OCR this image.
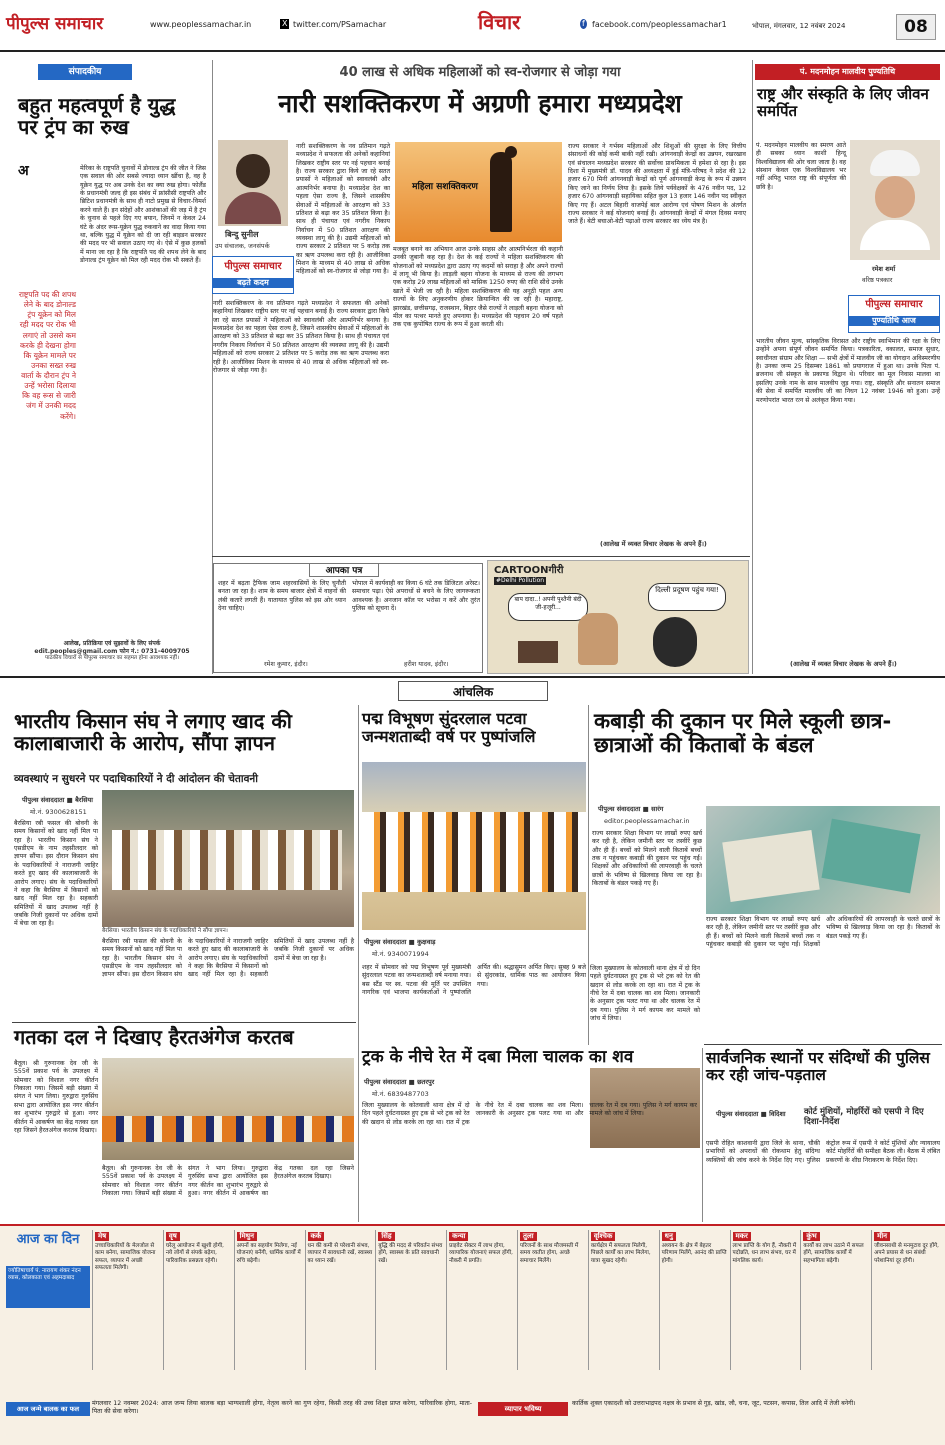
पीपुल्स समाचार	www.peoplessamachar.in	X twitter.com/PSamachar	विचार	f facebook.com/peoplessamachar1	भोपाल, मंगलवार, 12 नवंबर 2024	08
संपादकीय
बहुत महत्वपूर्ण है युद्ध पर ट्रंप का रुख
अ	मेरिका के राष्ट्रपति चुनावों में डोनाल्ड ट्रंप की जीत ने जिस एक सवाल की ओर सबसे ज्यादा ध्यान खींचा है, वह है यूक्रेन युद्ध पर अब उनके देश का क्या रुख होगा। फोलैंड के प्रधानमंत्री जल्द ही इस संबंध में फ्रांसीसी राष्ट्रपति और ब्रिटिश प्रधानमंत्री के साथ ही नाटो प्रमुख से विचार-विमर्श करने वाले हैं। इन संदेहों और आशंकाओं की जड़ में है ट्रंप के चुनाव से पहले दिए गए बयान, जिनमें न केवल 24 घंटे के अंदर रूस-यूक्रेन युद्ध रुकवाने का वादा किया गया था, बल्कि युद्ध में यूक्रेन को दी जा रही बाइडन सरकार की मदद पर भी सवाल उठाए गए थे। ऐसे में कुछ हलकों में माना जा रहा है कि राष्ट्रपति पद की शपथ लेने के बाद डोनाल्ड ट्रंप यूक्रेन को मिल रही मदद रोक भी सकते हैं।
राष्ट्रपति पद की शपथ लेने के बाद डोनाल्ड ट्रंप यूक्रेन को मिल रही मदद पर रोक भी लगाएं तो उससे कम करके ही देखना होगा कि यूक्रेन मामले पर उनका सख्त रुख वार्ता के दौरान ट्रंप ने उन्हें भरोसा दिलाया कि वह रूस से जारी जंग में उनकी मदद करेंगे।
आलेख, प्रतिक्रिया एवं सुझावों के लिए संपर्क
edit.peoples@gmail.com फोन नं.: 0731-4009705
पाठकीय विचारों से पीपुल्स समाचार का सहमत होना आवश्यक नहीं।
40 लाख से अधिक महिलाओं को स्व-रोजगार से जोड़ा गया
नारी सशक्तिकरण में अग्रणी हमारा मध्यप्रदेश
बिन्दु सुनील
उप संचालक, जनसंपर्क
पीपुल्स समाचार
बढ़ते कदम
नारी सशक्तिकरण के नव प्रतिमान गढ़ते मध्यप्रदेश ने सफलता की अनेकों कहानियां लिखकर राष्ट्रीय स्तर पर नई पहचान बनाई है। राज्य सरकार द्वारा किये जा रहे सतत प्रयासों ने महिलाओं को स्वावलंबी और आत्मनिर्भर बनाया है। मध्यप्रदेश देश का पहला ऐसा राज्य है, जिसने शासकीय सेवाओं में महिलाओं के आरक्षण को 33 प्रतिशत से बढ़ा कर 35 प्रतिशत किया है। साथ ही पंचायत एवं नगरीय निकाय निर्वाचन में 50 प्रतिशत आरक्षण की व्यवस्था लागू की है। उद्यमी महिलाओं को राज्य सरकार 2 प्रतिशत पर 5 करोड़ तक का ऋण उपलब्ध करा रही है। आजीविका मिशन के माध्यम से 40 लाख से अधिक महिलाओं को स्व-रोजगार से जोड़ा गया है।
नारी सशक्तिकरण के नव प्रतिमान गढ़ते मध्यप्रदेश ने सफलता की अनेकों कहानियां लिखकर राष्ट्रीय स्तर पर नई पहचान बनाई है। राज्य सरकार द्वारा किये जा रहे सतत प्रयासों ने महिलाओं को स्वावलंबी और आत्मनिर्भर बनाया है। मध्यप्रदेश देश का पहला ऐसा राज्य है, जिसने शासकीय सेवाओं में महिलाओं के आरक्षण को 33 प्रतिशत से बढ़ा कर 35 प्रतिशत किया है। साथ ही पंचायत एवं नगरीय निकाय निर्वाचन में 50 प्रतिशत आरक्षण की व्यवस्था लागू की है। उद्यमी महिलाओं को राज्य सरकार 2 प्रतिशत पर 5 करोड़ तक का ऋण उपलब्ध करा रही है। आजीविका मिशन के माध्यम से 40 लाख से अधिक महिलाओं को स्व-रोजगार से जोड़ा गया है।
महिला सशक्तिकरण
मजबूत बनाने का अभियान आज उनके साहस और आत्मनिर्भरता की कहानी उनकी जुबानी कह रहा है। देश के कई राज्यों ने महिला सशक्तिकरण की योजनाओं को मध्यप्रदेश द्वारा उठाए गए कदमों को सराहा है और अपने राज्यों में लागू भी किया है। लाड़ली बहना योजना के माध्यम से राज्य की लगभग एक करोड़ 29 लाख महिलाओं को मासिक 1250 रुपए की राशि सीधे उनके खाते में भेजी जा रही है। महिला सशक्तिकरण की यह अनूठी पहल अन्य राज्यों के लिए अनुकरणीय होकर क्रियान्वित की जा रही है। महाराष्ट्र, झारखंड, छत्तीसगढ़, राजस्थान, बिहार जैसे राज्यों ने लाड़ली बहना योजना को मील का पत्थर मानते हुए अपनाया है। मध्यप्रदेश की पहचान 20 वर्ष पहले तक एक कुपोषित राज्य के रूप में हुआ करती थी।
राज्य सरकार ने गर्भस्थ महिलाओं और शिशुओं की सुरक्षा के लिए वित्तीय संसाधनों की कोई कमी बाकी नहीं रखी। आंगनवाड़ी केन्द्रों का उन्नयन, रखरखाव एवं संचालन मध्यप्रदेश सरकार की सर्वोच्च प्राथमिकता में हमेशा से रहा है। इस दिशा में मुख्यमंत्री डॉ. यादव की अध्यक्षता में हुई मंत्रि-परिषद ने प्रदेश की 12 हजार 670 मिनी आंगनवाड़ी केन्द्रों को पूर्ण आंगनवाड़ी केन्द्र के रूप में उन्नयन किए जाने का निर्णय लिया है। इसके लिये पर्यवेक्षकों के 476 नवीन पद, 12 हजार 670 आंगनवाड़ी सहायिका सहित कुल 13 हजार 146 नवीन पद स्वीकृत किए गए हैं। अटल बिहारी वाजपेई बाल आरोग्य एवं पोषण मिशन के अंतर्गत राज्य सरकार ने कई योजनाएं बनाई हैं। आंगनवाड़ी केन्द्रों में मंगल दिवस मनाए जाते हैं। बेटी बचाओ-बेटी पढ़ाओ राज्य सरकार का ध्येय मंत्र है।
(आलेख में व्यक्त विचार लेखक के अपने हैं।)
आपका पत्र
शहर में बढ़ता ट्रैफिक जाम शहरवासियों के लिए चुनौती बनता जा रहा है। शाम के समय बाजार क्षेत्रों में वाहनों की लंबी कतारें लगती हैं। यातायात पुलिस को इस ओर ध्यान देना चाहिए।
रमेश कुमार, इंदौर।
भोपाल में कार्यवाही का किया 6 घंटे तक डिजिटल अरेस्ट। समाचार पढ़ा। ऐसे अपराधों से बचने के लिए जागरूकता आवश्यक है। अनजान कॉल पर भरोसा न करें और तुरंत पुलिस को सूचना दें।
हरीश यादव, इंदौर।
CARTOONगीरी
#Delhi Pollution
बाप दादा..! अपनी पुश्तैनी बंदी जी-हजूरी...
दिल्ली प्रदूषण पहुंच गया!
पं. मदनमोहन मालवीय पुण्यतिथि
राष्ट्र और संस्कृति के लिए जीवन समर्पित
पं. मदनमोहन मालवीय का स्मरण आते ही सबका ध्यान काशी हिन्दू विश्वविद्यालय की ओर चला जाता है। वह संस्थान केवल एक विश्वविद्यालय भर नहीं अपितु भारत राष्ट्र की संपूर्णता की छवि है।
रमेश शर्मा
वरिष्ठ पत्रकार
पीपुल्स समाचार
पुण्यतिथि आज
भारतीय जीवन मूल्य, सांस्कृतिक विरासत और राष्ट्रीय स्वाभिमान की रक्षा के लिए उन्होंने अपना संपूर्ण जीवन समर्पित किया। पत्रकारिता, वकालत, समाज सुधार, स्वाधीनता संग्राम और शिक्षा — सभी क्षेत्रों में मालवीय जी का योगदान अविस्मरणीय है। उनका जन्म 25 दिसम्बर 1861 को प्रयागराज में हुआ था। उनके पिता पं. ब्रजनाथ जी संस्कृत के प्रकाण्ड विद्वान थे। परिवार का मूल निवास मालवा था इसलिए उनके नाम के साथ मालवीय जुड़ गया। राष्ट्र, संस्कृति और सनातन समाज की सेवा में समर्पित मालवीय जी का निधन 12 नवंबर 1946 को हुआ। उन्हें मरणोपरांत भारत रत्न से अलंकृत किया गया।
(आलेख में व्यक्त विचार लेखक के अपने हैं।)
आंचलिक
भारतीय किसान संघ ने लगाए खाद की कालाबाजारी के आरोप, सौंपा ज्ञापन
व्यवस्थाएं न सुधरने पर पदाधिकारियों ने दी आंदोलन की चेतावनी
पीपुल्स संवाददाता ■ बैरसिया
मो.नं. 9300628151
बैरसिया। भारतीय किसान संघ के पदाधिकारियों ने सौंपा ज्ञापन।
बैरसिया रबी फसल की बोवनी के समय किसानों को खाद नहीं मिल पा रहा है। भारतीय किसान संघ ने एसडीएम के नाम तहसीलदार को ज्ञापन सौंपा। इस दौरान किसान संघ के पदाधिकारियों ने नाराजगी जाहिर करते हुए खाद की कालाबाजारी के आरोप लगाए। संघ के पदाधिकारियों ने कहा कि बैरसिया में किसानों को खाद नहीं मिल रहा है। सहकारी समितियों में खाद उपलब्ध नहीं है जबकि निजी दुकानों पर अधिक दामों में बेचा जा रहा है।
बैरसिया रबी फसल की बोवनी के समय किसानों को खाद नहीं मिल पा रहा है। भारतीय किसान संघ ने एसडीएम के नाम तहसीलदार को ज्ञापन सौंपा। इस दौरान किसान संघ के पदाधिकारियों ने नाराजगी जाहिर करते हुए खाद की कालाबाजारी के आरोप लगाए। संघ के पदाधिकारियों ने कहा कि बैरसिया में किसानों को खाद नहीं मिल रहा है। सहकारी समितियों में खाद उपलब्ध नहीं है जबकि निजी दुकानों पर अधिक दामों में बेचा जा रहा है।
गतका दल ने दिखाए हैरतअंगेज करतब
बैतूल। श्री गुरुनानक देव जी के 555वें प्रकाश पर्व के उपलक्ष्य में सोमवार को विशाल नगर कीर्तन निकाला गया। जिसमें बड़ी संख्या में संगत ने भाग लिया। गुरुद्वारा गुरुसिंघ सभा द्वारा आयोजित इस नगर कीर्तन का शुभारंभ गुरुद्वारे से हुआ। नगर कीर्तन में आकर्षण का केंद्र गतका दल रहा जिसने हैरतअंगेज करतब दिखाए।
बैतूल। श्री गुरुनानक देव जी के 555वें प्रकाश पर्व के उपलक्ष्य में सोमवार को विशाल नगर कीर्तन निकाला गया। जिसमें बड़ी संख्या में संगत ने भाग लिया। गुरुद्वारा गुरुसिंघ सभा द्वारा आयोजित इस नगर कीर्तन का शुभारंभ गुरुद्वारे से हुआ। नगर कीर्तन में आकर्षण का केंद्र गतका दल रहा जिसने हैरतअंगेज करतब दिखाए।
पद्म विभूषण सुंदरलाल पटवा जन्मशताब्दी वर्ष पर पुष्पांजलि
पीपुल्स संवाददाता ■ कुक्षवाड़
मो.नं. 9340071994
शहर में सोमवार को पद्म विभूषण पूर्व मुख्यमंत्री सुंदरलाल पटवा का जन्मशताब्दी वर्ष मनाया गया। बस स्टैंड पर स्व. पटवा की मूर्ति पर उपस्थित नागरिक एवं भाजपा कार्यकर्ताओं ने पुष्पांजलि अर्पित की। श्रद्धासुमन अर्पित किए। सुबह 9 बजे से सुंदरकांड, धार्मिक पाठ का आयोजन किया गया।
ट्रक के नीचे रेत में दबा मिला चालक का शव
पीपुल्स संवाददाता ■ छतरपुर
मो.नं. 6839487703
जिला मुख्यालय के कोतवाली थाना क्षेत्र में दो दिन पहले दुर्घटनाग्रस्त हुए ट्रक से भरे ट्रक को रेत की खदान से लोड करके ला रहा था। रात में ट्रक के नीचे रेत में दबा चालक का शव मिला। जानकारी के अनुसार ट्रक पलट गया था और चालक रेत में दब गया। पुलिस ने मर्ग कायम कर मामले को जांच में लिया।
जिला मुख्यालय के कोतवाली थाना क्षेत्र में दो दिन पहले दुर्घटनाग्रस्त हुए ट्रक से भरे ट्रक को रेत की खदान से लोड करके ला रहा था। रात में ट्रक के नीचे रेत में दबा चालक का शव मिला। जानकारी के अनुसार ट्रक पलट गया था और चालक रेत में दब गया। पुलिस ने मर्ग कायम कर मामले को जांच में लिया।
कबाड़ी की दुकान पर मिले स्कूली छात्र-छात्राओं की किताबों के बंडल
पीपुल्स संवाददाता ■ सारंग
editor.peoplessamachar.in
राज्य सरकार शिक्षा विभाग पर लाखों रुपए खर्च कर रही है, लेकिन जमीनी स्तर पर तस्वीरें कुछ और ही हैं। बच्चों को मिलने वाली किताबें बच्चों तक न पहुंचकर कबाड़ी की दुकान पर पहुंच गईं। शिक्षकों और अधिकारियों की लापरवाही के चलते छात्रों के भविष्य से खिलवाड़ किया जा रहा है। किताबों के बंडल पकड़े गए हैं।
राज्य सरकार शिक्षा विभाग पर लाखों रुपए खर्च कर रही है, लेकिन जमीनी स्तर पर तस्वीरें कुछ और ही हैं। बच्चों को मिलने वाली किताबें बच्चों तक न पहुंचकर कबाड़ी की दुकान पर पहुंच गईं। शिक्षकों और अधिकारियों की लापरवाही के चलते छात्रों के भविष्य से खिलवाड़ किया जा रहा है। किताबों के बंडल पकड़े गए हैं।
सार्वजनिक स्थानों पर संदिग्धों की पुलिस कर रही जांच-पड़ताल
कोर्ट मुंशियों, मोहर्रिरों को एसपी ने दिए दिशा-निर्देश
पीपुल्स संवाददाता ■ विदिशा
एसपी रोहित काशवानी द्वारा जिले के थाना, चौकी प्रभारियों को अपराधों की रोकथाम हेतु संदिग्ध व्यक्तियों की जांच करने के निर्देश दिए गए। पुलिस कंट्रोल रूम में एसपी ने कोर्ट मुंशियों और न्यायालय कोर्ट मोहर्रिरों की समीक्षा बैठक ली। बैठक में लंबित प्रकरणों के शीघ्र निराकरण के निर्देश दिए।
आज का दिन
ज्योतिषाचार्य पं. नारायण शंकर नंदन व्यास, कोलकाता एवं अहमदाबाद
मेष
उच्चाधिकारियों के मेलजोल से काम बनेगा, सामाजिक योजना सफल, व्यापार में अच्छी सफलता मिलेगी।
वृष
घरेलू आयोजन में खुशी होगी, नये लोगों से संपर्क बढ़ेगा, पारिवारिक प्रसन्नता रहेगी।
मिथुन
अपनों का सहयोग मिलेगा, नई योजनाएं बनेंगी, धार्मिक कार्यों में रुचि बढ़ेगी।
कर्क
धन की कमी से परेशानी संभव, व्यापार में सावधानी रखें, स्वास्थ्य का ध्यान रखें।
सिंह
बुद्धि की मदद से परिवर्तन संभव होंगे, स्वास्थ्य के प्रति सावधानी रखें।
कन्या
प्राइवेट सेक्टर में लाभ होगा, व्यापारिक योजनाएं सफल होंगी, नौकरी में प्रगति।
तुला
परिजनों के साथ मौजमस्ती में समय व्यतीत होगा, अच्छे समाचार मिलेंगे।
वृश्चिक
कार्यक्षेत्र में सफलता मिलेगी, पिछले कार्यों का लाभ मिलेगा, यात्रा सुखद रहेगी।
धनु
अध्ययन के क्षेत्र में बेहतर परिणाम मिलेंगे, आनंद की प्राप्ति होगी।
मकर
लाभ प्राप्ति के योग हैं, नौकरी में पदोन्नति, धन लाभ संभव, घर में मांगलिक कार्य।
कुंभ
कार्यों का लाभ उठाने में सफल होंगे, सामाजिक कार्यों में सहभागिता बढ़ेगी।
मीन
जीवनसाथी से मनमुटाव दूर होंगे, अपने प्रयास से धन संबंधी परेशानियां दूर होंगी।
आज जन्मे बालक का फल
मंगलवार 12 नवम्बर 2024: आज जन्म लिया बालक बड़ा भाग्यशाली होगा, नेतृत्व करने का गुण रहेगा, किसी तरह की उच्च शिक्षा प्राप्त करेगा, पारिवारिक होगा, माता-पिता की सेवा करेगा।	व्यापार भविष्य
कार्तिक शुक्ल एकादशी को उत्तराभाद्रपद नक्षत्र के प्रभाव से गुड़, खांड, जौ, चना, जूट, पटसन, कपास, तिल आदि में तेजी बनेगी।
